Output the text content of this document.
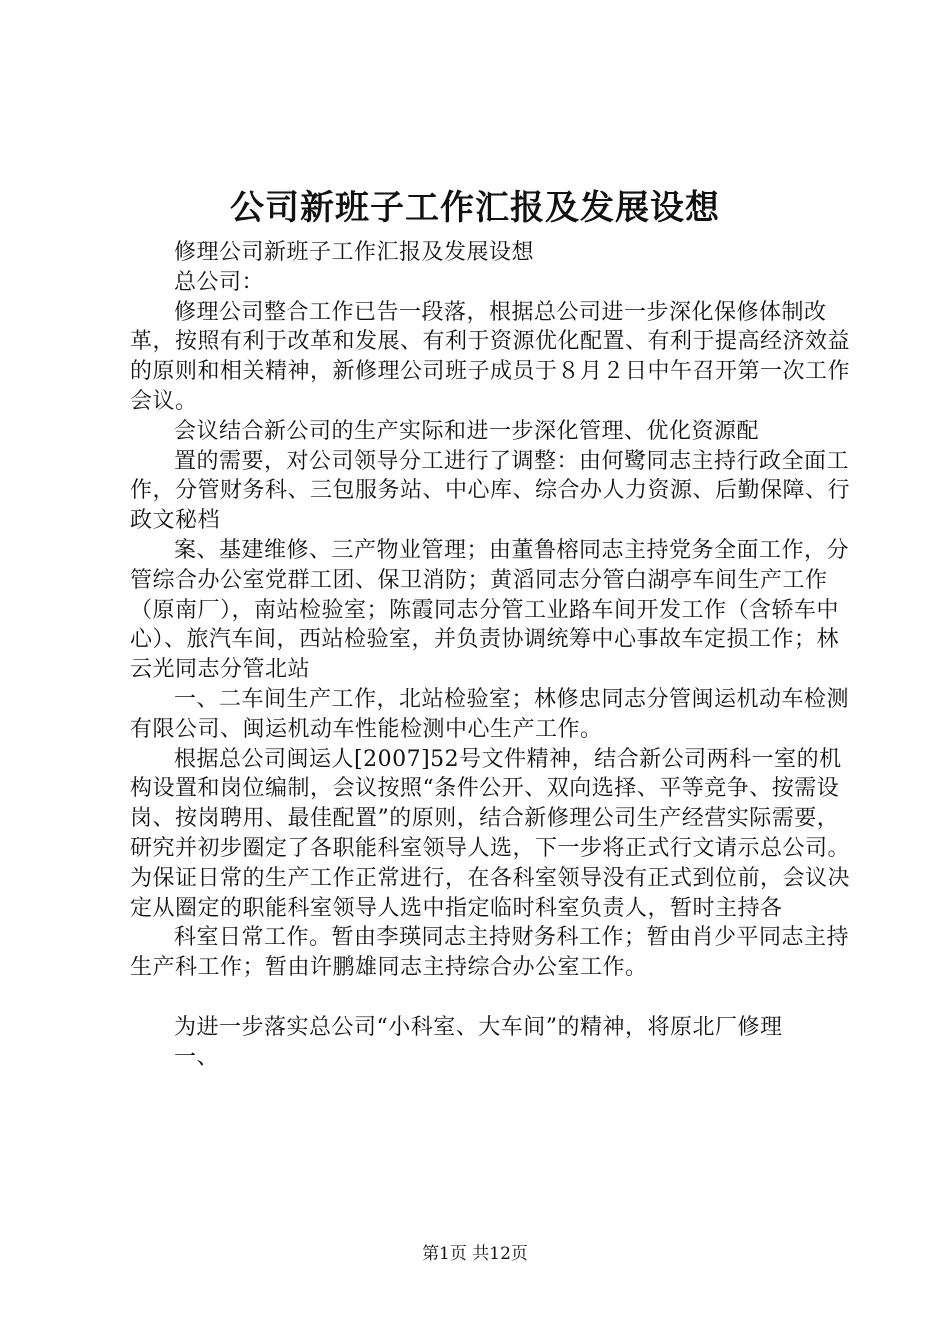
公司新班子工作汇报及发展设想

修理公司新班子工作汇报及发展设想

总公司：

修理公司整合工作已告一段落，根据总公司进一步深化保修体制改革，按照有利于改革和发展、有利于资源优化配置、有利于提高经济效益的原则和相关精神，新修理公司班子成员于８月２日中午召开第一次工作会议。

会议结合新公司的生产实际和进一步深化管理、优化资源配

置的需要，对公司领导分工进行了调整：由何鹭同志主持行政全面工作，分管财务科、三包服务站、中心库、综合办人力资源、后勤保障、行政文秘档

案、基建维修、三产物业管理；由董鲁榕同志主持党务全面工作，分管综合办公室党群工团、保卫消防；黄滔同志分管白湖亭车间生产工作（原南厂），南站检验室；陈霞同志分管工业路车间开发工作（含轿车中心）、旅汽车间，西站检验室，并负责协调统筹中心事故车定损工作；林云光同志分管北站

一、二车间生产工作，北站检验室；林修忠同志分管闽运机动车检测有限公司、闽运机动车性能检测中心生产工作。

根据总公司闽运人[2007]52号文件精神，结合新公司两科一室的机构设置和岗位编制，会议按照“条件公开、双向选择、平等竞争、按需设岗、按岗聘用、最佳配置”的原则，结合新修理公司生产经营实际需要，研究并初步圈定了各职能科室领导人选，下一步将正式行文请示总公司。为保证日常的生产工作正常进行，在各科室领导没有正式到位前，会议决定从圈定的职能科室领导人选中指定临时科室负责人，暂时主持各

科室日常工作。暂由李瑛同志主持财务科工作；暂由肖少平同志主持生产科工作；暂由许鹏雄同志主持综合办公室工作。

为进一步落实总公司“小科室、大车间”的精神，将原北厂修理

一、

第1页 共12页
